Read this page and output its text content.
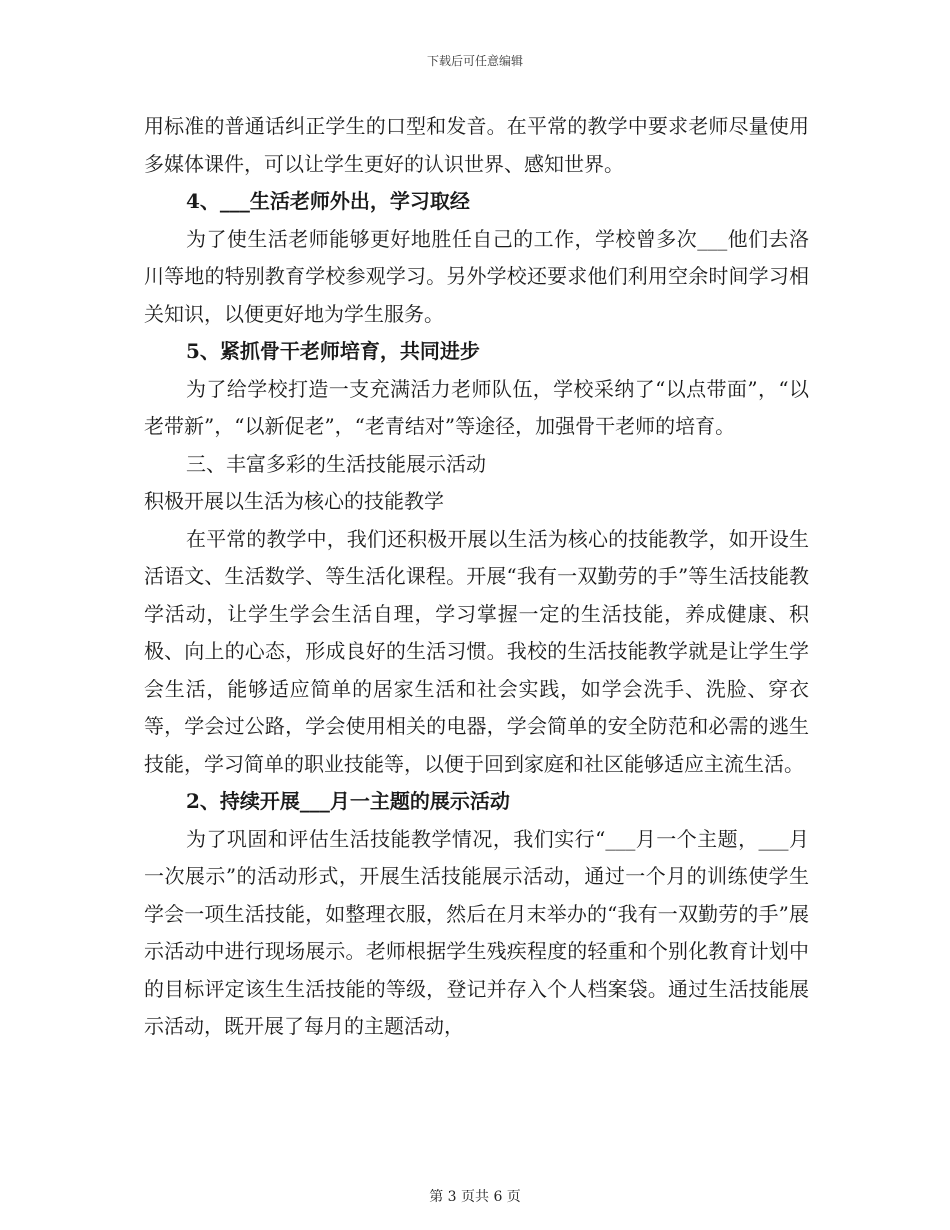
下载后可任意编辑

用标准的普通话纠正学生的口型和发音。在平常的教学中要求老师尽量使用多媒体课件，可以让学生更好的认识世界、感知世界。

4、___生活老师外出，学习取经

为了使生活老师能够更好地胜任自己的工作，学校曾多次___他们去洛川等地的特别教育学校参观学习。另外学校还要求他们利用空余时间学习相关知识，以便更好地为学生服务。

5、紧抓骨干老师培育，共同进步

为了给学校打造一支充满活力老师队伍，学校采纳了“以点带面”，“以老带新”，“以新促老”，“老青结对”等途径，加强骨干老师的培育。

三、丰富多彩的生活技能展示活动

积极开展以生活为核心的技能教学

在平常的教学中，我们还积极开展以生活为核心的技能教学，如开设生活语文、生活数学、等生活化课程。开展“我有一双勤劳的手”等生活技能教学活动，让学生学会生活自理，学习掌握一定的生活技能，养成健康、积极、向上的心态，形成良好的生活习惯。我校的生活技能教学就是让学生学会生活，能够适应简单的居家生活和社会实践，如学会洗手、洗脸、穿衣等，学会过公路，学会使用相关的电器，学会简单的安全防范和必需的逃生技能，学习简单的职业技能等，以便于回到家庭和社区能够适应主流生活。

2、持续开展___月一主题的展示活动

为了巩固和评估生活技能教学情况，我们实行“___月一个主题，___月一次展示”的活动形式，开展生活技能展示活动，通过一个月的训练使学生学会一项生活技能，如整理衣服，然后在月末举办的“我有一双勤劳的手”展示活动中进行现场展示。老师根据学生残疾程度的轻重和个别化教育计划中的目标评定该生生活技能的等级，登记并存入个人档案袋。通过生活技能展示活动，既开展了每月的主题活动，

第 3 页共 6 页
